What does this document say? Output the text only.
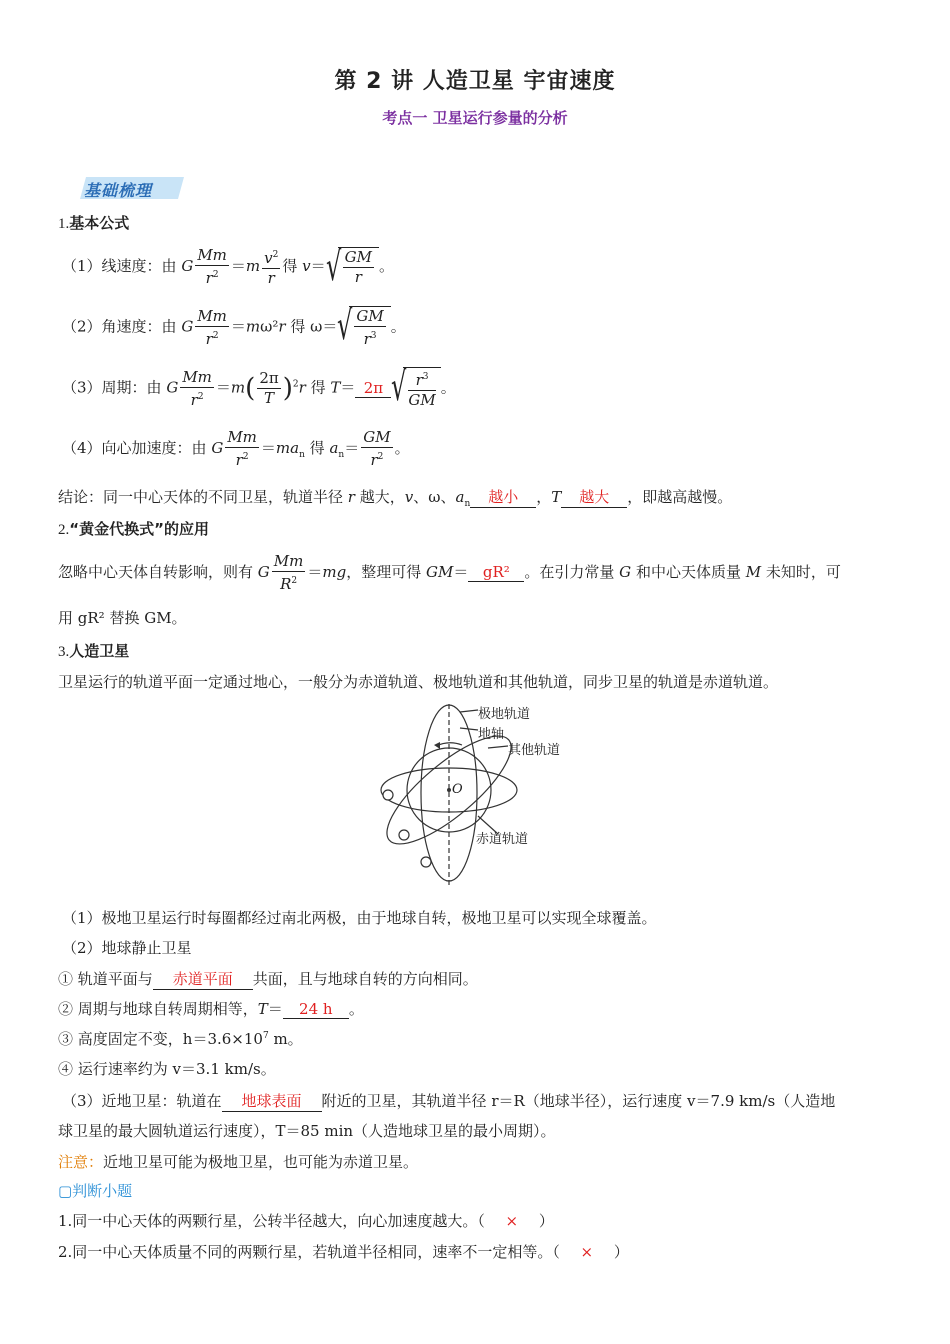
第 2 讲 人造卫星 宇宙速度
考点一 卫星运行参量的分析
基础梳理
1.基本公式
（1）线速度：由 G $\frac{Mm}{r^2} =m \frac{v^2}{r}$ 得 v＝ √ $\frac{GM}{r}$ 。
（2）角速度：由 G $\frac{Mm}{r^2} =m\omega^2r$ 得 ω＝ √ $\frac{GM}{r^3}$ 。
（3）周期：由 G $\frac{Mm}{r^2} =m( \frac{2\pi}{T} )^2r$ 得 T＝ 2π √ $\frac{r^3}{GM}$ 。
（4）向心加速度：由 G $\frac{Mm}{r^2} =ma_n$ 得 $a_n= \frac{GM}{r^2}$ 。
结论：同一中心天体的不同卫星，轨道半径 r 越大，v、ω、$a_n$ 越小 ，T 越大 ，即越高越慢。
2.“黄金代换式”的应用
忽略中心天体自转影响，则有 G $\frac{Mm}{R^2} =mg$，整理可得 GM＝ gR² 。在引力常量 G 和中心天体质量 M 未知时，可
用 gR² 替换 GM。
3.人造卫星
卫星运行的轨道平面一定通过地心，一般分为赤道轨道、极地轨道和其他轨道，同步卫星的轨道是赤道轨道。
极地轨道
地轴
其他轨道
O
赤道轨道
（1）极地卫星运行时每圈都经过南北两极，由于地球自转，极地卫星可以实现全球覆盖。
（2）地球静止卫星
① 轨道平面与 赤道平面 共面，且与地球自转的方向相同。
② 周期与地球自转周期相等，T＝ 24 h 。
③ 高度固定不变，$h=3.6\times 10^7$ m。
④ 运行速率约为 v＝3.1 km/s。
（3）近地卫星：轨道在 地球表面 附近的卫星，其轨道半径 r＝R（地球半径），运行速度 v＝7.9 km/s（人造地
球卫星的最大圆轨道运行速度），T＝85 min（人造地球卫星的最小周期）。
注意：近地卫星可能为极地卫星，也可能为赤道卫星。
▢判断小题
1.同一中心天体的两颗行星，公转半径越大，向心加速度越大。（ × ）
2.同一中心天体质量不同的两颗行星，若轨道半径相同，速率不一定相等。（ × ）
